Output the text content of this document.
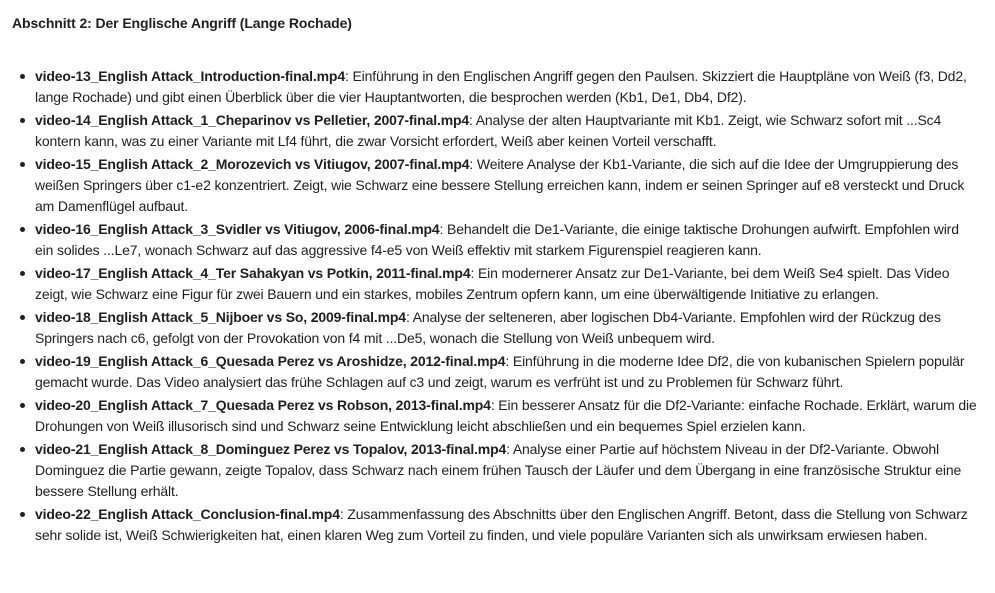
Abschnitt 2: Der Englische Angriff (Lange Rochade)
video-13_English Attack_Introduction-final.mp4: Einführung in den Englischen Angriff gegen den Paulsen. Skizziert die Hauptpläne von Weiß (f3, Dd2, lange Rochade) und gibt einen Überblick über die vier Hauptantworten, die besprochen werden (Kb1, De1, Db4, Df2).
video-14_English Attack_1_Cheparinov vs Pelletier, 2007-final.mp4: Analyse der alten Hauptvariante mit Kb1. Zeigt, wie Schwarz sofort mit ...Sc4 kontern kann, was zu einer Variante mit Lf4 führt, die zwar Vorsicht erfordert, Weiß aber keinen Vorteil verschafft.
video-15_English Attack_2_Morozevich vs Vitiugov, 2007-final.mp4: Weitere Analyse der Kb1-Variante, die sich auf die Idee der Umgruppierung des weißen Springers über c1-e2 konzentriert. Zeigt, wie Schwarz eine bessere Stellung erreichen kann, indem er seinen Springer auf e8 versteckt und Druck am Damenflügel aufbaut.
video-16_English Attack_3_Svidler vs Vitiugov, 2006-final.mp4: Behandelt die De1-Variante, die einige taktische Drohungen aufwirft. Empfohlen wird ein solides ...Le7, wonach Schwarz auf das aggressive f4-e5 von Weiß effektiv mit starkem Figurenspiel reagieren kann.
video-17_English Attack_4_Ter Sahakyan vs Potkin, 2011-final.mp4: Ein modernerer Ansatz zur De1-Variante, bei dem Weiß Se4 spielt. Das Video zeigt, wie Schwarz eine Figur für zwei Bauern und ein starkes, mobiles Zentrum opfern kann, um eine überwältigende Initiative zu erlangen.
video-18_English Attack_5_Nijboer vs So, 2009-final.mp4: Analyse der selteneren, aber logischen Db4-Variante. Empfohlen wird der Rückzug des Springers nach c6, gefolgt von der Provokation von f4 mit ...De5, wonach die Stellung von Weiß unbequem wird.
video-19_English Attack_6_Quesada Perez vs Aroshidze, 2012-final.mp4: Einführung in die moderne Idee Df2, die von kubanischen Spielern populär gemacht wurde. Das Video analysiert das frühe Schlagen auf c3 und zeigt, warum es verfrüht ist und zu Problemen für Schwarz führt.
video-20_English Attack_7_Quesada Perez vs Robson, 2013-final.mp4: Ein besserer Ansatz für die Df2-Variante: einfache Rochade. Erklärt, warum die Drohungen von Weiß illusorisch sind und Schwarz seine Entwicklung leicht abschließen und ein bequemes Spiel erzielen kann.
video-21_English Attack_8_Dominguez Perez vs Topalov, 2013-final.mp4: Analyse einer Partie auf höchstem Niveau in der Df2-Variante. Obwohl Dominguez die Partie gewann, zeigte Topalov, dass Schwarz nach einem frühen Tausch der Läufer und dem Übergang in eine französische Struktur eine bessere Stellung erhält.
video-22_English Attack_Conclusion-final.mp4: Zusammenfassung des Abschnitts über den Englischen Angriff. Betont, dass die Stellung von Schwarz sehr solide ist, Weiß Schwierigkeiten hat, einen klaren Weg zum Vorteil zu finden, und viele populäre Varianten sich als unwirksam erwiesen haben.
